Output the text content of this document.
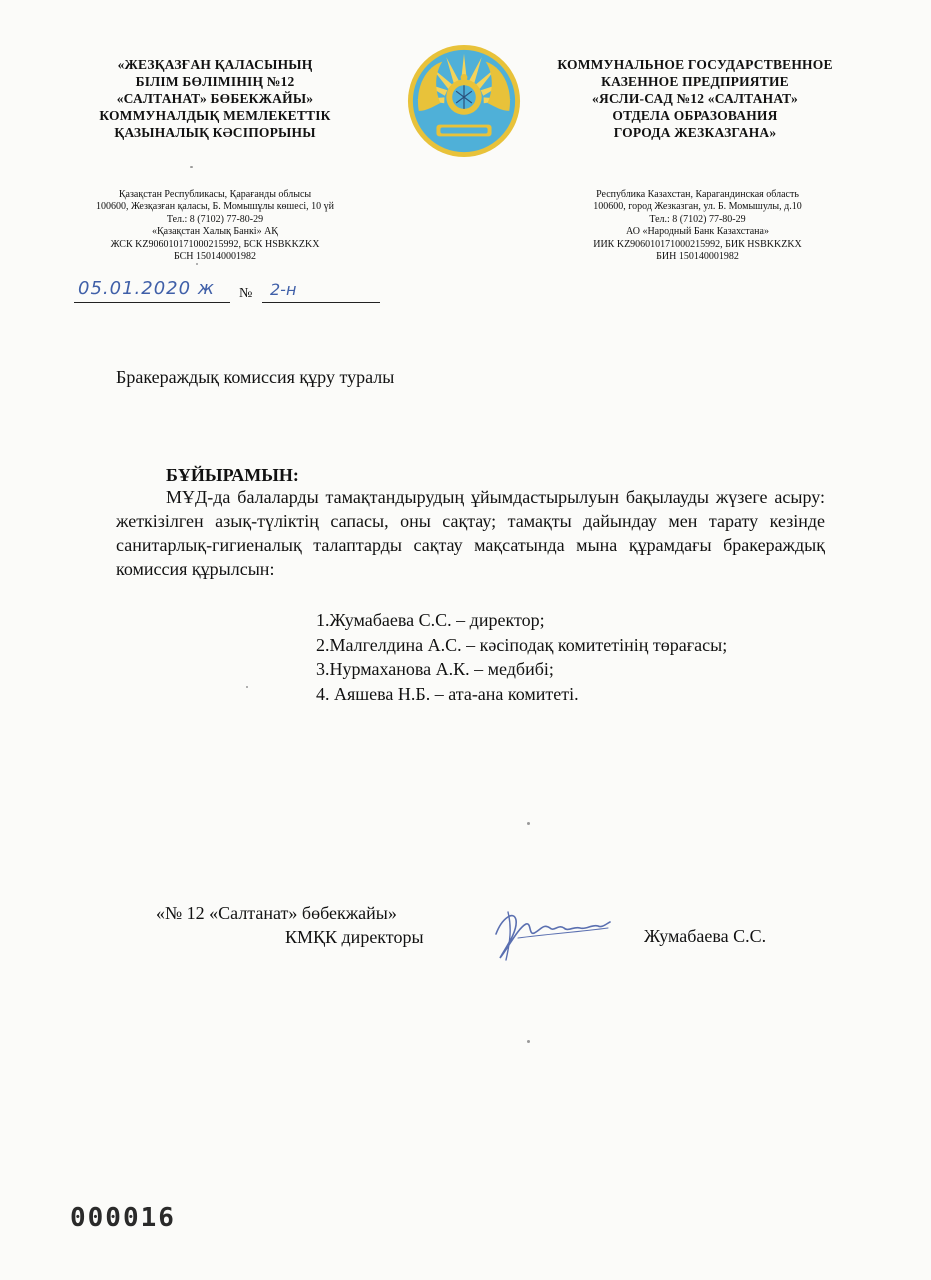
«ЖЕЗҚАЗҒАН ҚАЛАСЫНЫҢ
БІЛІМ БӨЛІМІНІҢ №12
«САЛТАНАТ» БӨБЕКЖАЙЫ»
КОММУНАЛДЫҚ МЕМЛЕКЕТТІК
ҚАЗЫНАЛЫҚ КӘСІПОРЫНЫ
КОММУНАЛЬНОЕ ГОСУДАРСТВЕННОЕ
КАЗЕННОЕ ПРЕДПРИЯТИЕ
«ЯСЛИ-САД №12 «САЛТАНАТ»
ОТДЕЛА ОБРАЗОВАНИЯ
ГОРОДА ЖЕЗКАЗГАНА»
Қазақстан Республикасы, Қарағанды облысы
100600, Жезқазған қаласы, Б. Момышұлы көшесі, 10 үй
Тел.: 8 (7102) 77-80-29
«Қазақстан Халық Банкі» АҚ
ЖСК KZ906010171000215992, БСК HSBKKZKX
БСН 150140001982
Республика Казахстан, Карагандинская область
100600, город Жезказган, ул. Б. Момышулы, д.10
Тел.: 8 (7102) 77-80-29
АО «Народный Банк Казахстана»
ИИК KZ906010171000215992, БИК HSBKKZKX
БИН 150140001982
05.01.2020 ж	№ 2-н
Бракераждық комиссия құру туралы
БҰЙЫРАМЫН:
МҰД-да балаларды тамақтандырудың ұйымдастырылуын бақылауды жүзеге асыру: жеткізілген азық-түліктің сапасы, оны сақтау; тамақты дайындау мен тарату кезінде санитарлық-гигиеналық талаптарды сақтау мақсатында мына құрамдағы бракераждық комиссия құрылсын:
1.Жумабаева С.С. – директор;
2.Малгелдина А.С. – кәсіподақ комитетінің төрағасы;
3.Нурмаханова А.К. – медбибі;
4. Аяшева Н.Б. – ата-ана комитеті.
«№ 12 «Салтанат» бөбекжайы»
КМҚК директоры	Жумабаева С.С.
000016
